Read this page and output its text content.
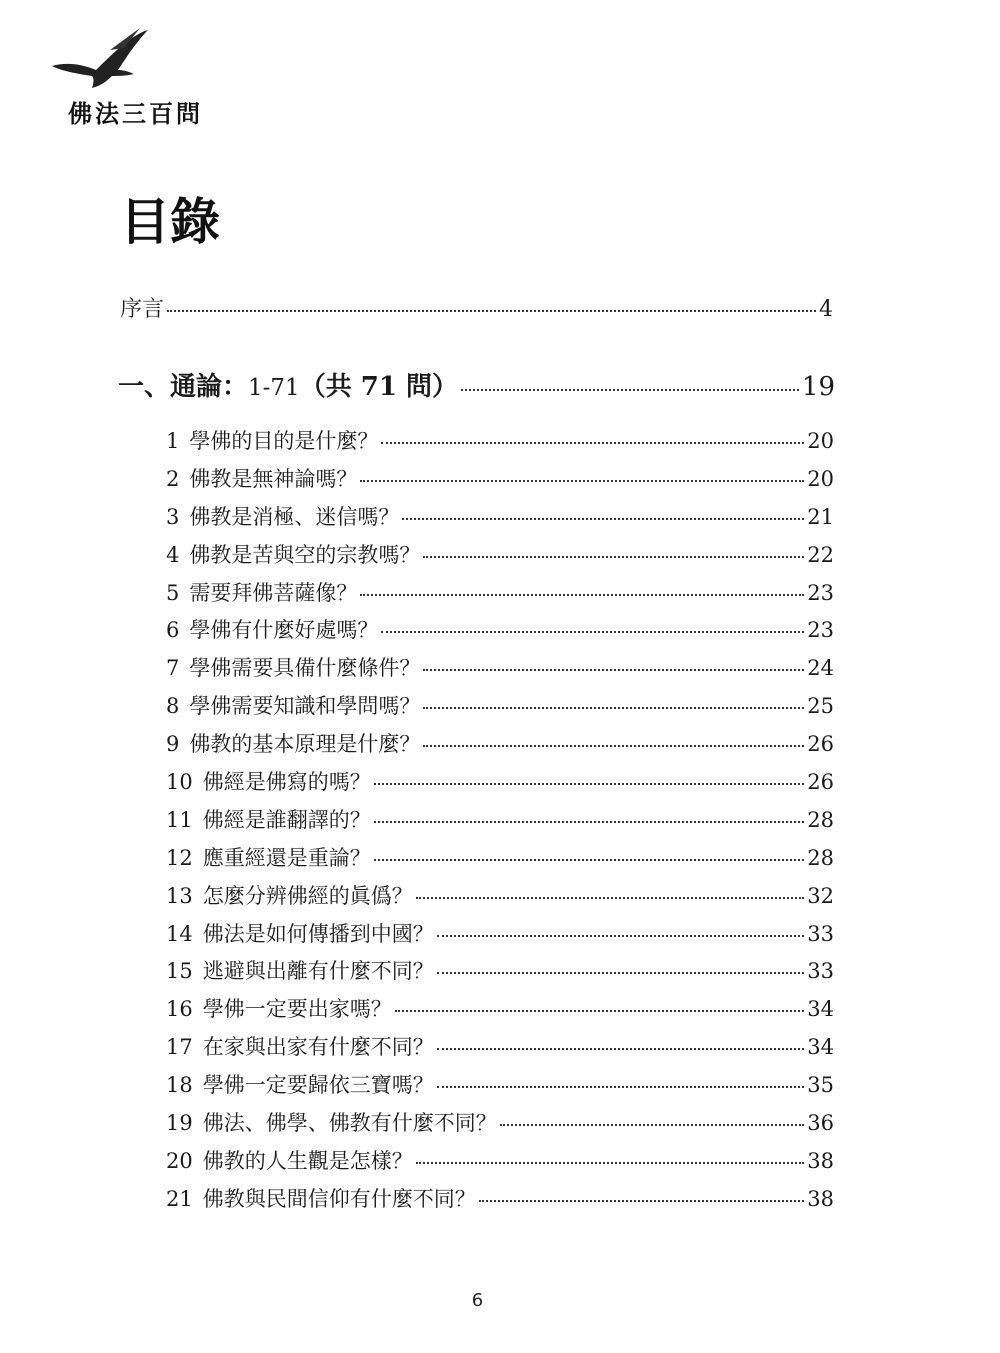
佛法三百問
目錄
序言	4
一、通論： 1-71 （共 71 問）	19
1 學佛的目的是什麼？	20
2 佛教是無神論嗎？	20
3 佛教是消極、迷信嗎？	21
4 佛教是苦與空的宗教嗎？	22
5 需要拜佛菩薩像？	23
6 學佛有什麼好處嗎？	23
7 學佛需要具備什麼條件？	24
8 學佛需要知識和學問嗎？	25
9 佛教的基本原理是什麼？	26
10 佛經是佛寫的嗎？	26
11 佛經是誰翻譯的？	28
12 應重經還是重論？	28
13 怎麼分辨佛經的眞僞？	32
14 佛法是如何傳播到中國？	33
15 逃避與出離有什麼不同？	33
16 學佛一定要出家嗎？	34
17 在家與出家有什麼不同？	34
18 學佛一定要歸依三寶嗎？	35
19 佛法、佛學、佛教有什麼不同？	36
20 佛教的人生觀是怎樣？	38
21 佛教與民間信仰有什麼不同？	38
6
